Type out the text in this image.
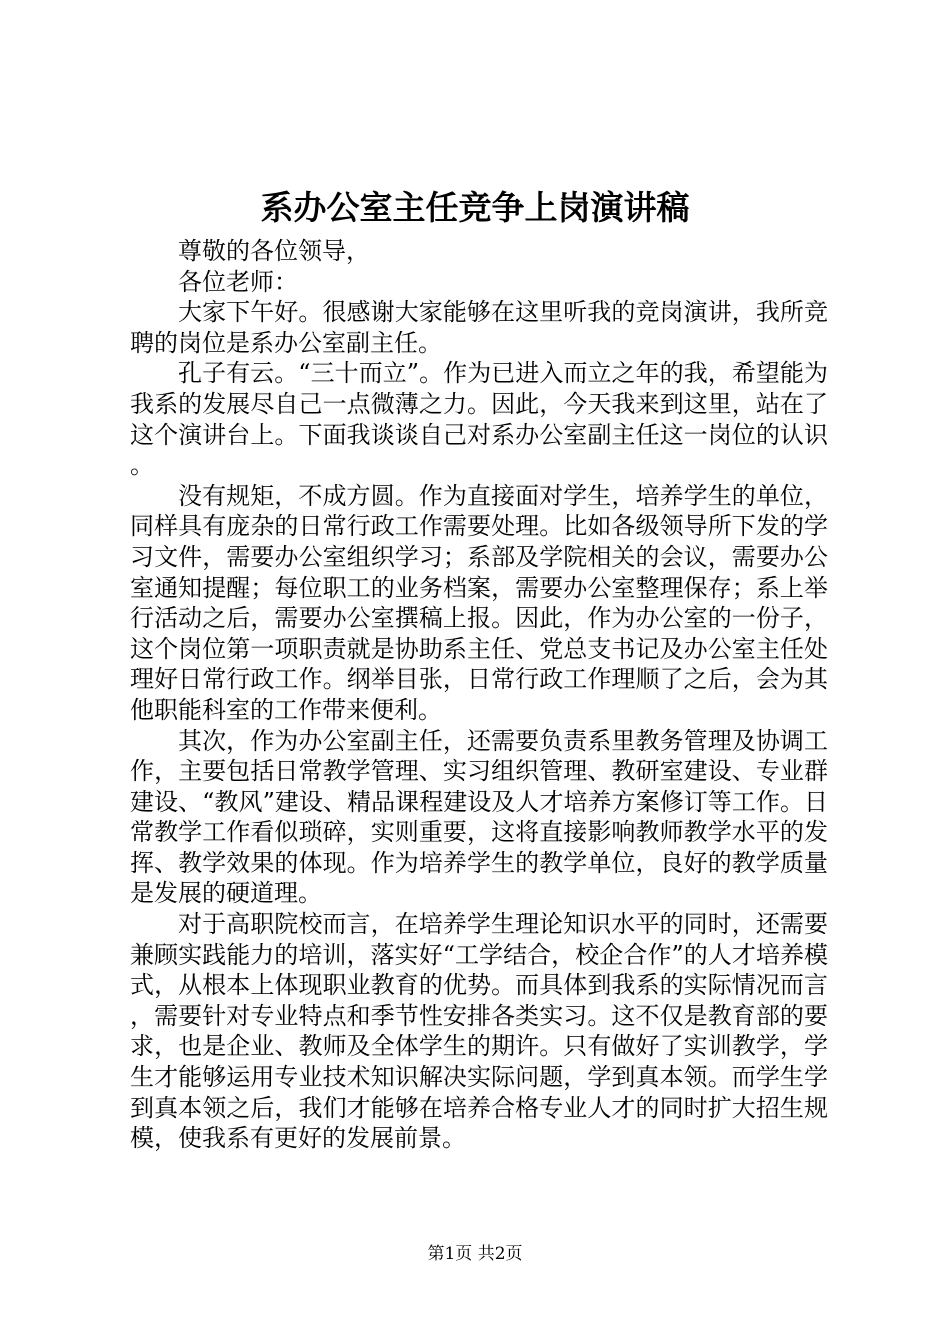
系办公室主任竞争上岗演讲稿

尊敬的各位领导，

各位老师：

大家下午好。很感谢大家能够在这里听我的竞岗演讲，我所竞聘的岗位是系办公室副主任。

孔子有云。“三十而立”。作为已进入而立之年的我，希望能为我系的发展尽自己一点微薄之力。因此，今天我来到这里，站在了这个演讲台上。下面我谈谈自己对系办公室副主任这一岗位的认识。

没有规矩，不成方圆。作为直接面对学生，培养学生的单位，同样具有庞杂的日常行政工作需要处理。比如各级领导所下发的学习文件，需要办公室组织学习；系部及学院相关的会议，需要办公室通知提醒；每位职工的业务档案，需要办公室整理保存；系上举行活动之后，需要办公室撰稿上报。因此，作为办公室的一份子，这个岗位第一项职责就是协助系主任、党总支书记及办公室主任处理好日常行政工作。纲举目张，日常行政工作理顺了之后，会为其他职能科室的工作带来便利。

其次，作为办公室副主任，还需要负责系里教务管理及协调工作，主要包括日常教学管理、实习组织管理、教研室建设、专业群建设、“教风”建设、精品课程建设及人才培养方案修订等工作。日常教学工作看似琐碎，实则重要，这将直接影响教师教学水平的发挥、教学效果的体现。作为培养学生的教学单位，良好的教学质量是发展的硬道理。

对于高职院校而言，在培养学生理论知识水平的同时，还需要兼顾实践能力的培训，落实好“工学结合，校企合作”的人才培养模式，从根本上体现职业教育的优势。而具体到我系的实际情况而言，需要针对专业特点和季节性安排各类实习。这不仅是教育部的要求，也是企业、教师及全体学生的期许。只有做好了实训教学，学生才能够运用专业技术知识解决实际问题，学到真本领。而学生学到真本领之后，我们才能够在培养合格专业人才的同时扩大招生规模，使我系有更好的发展前景。

第1页 共2页
